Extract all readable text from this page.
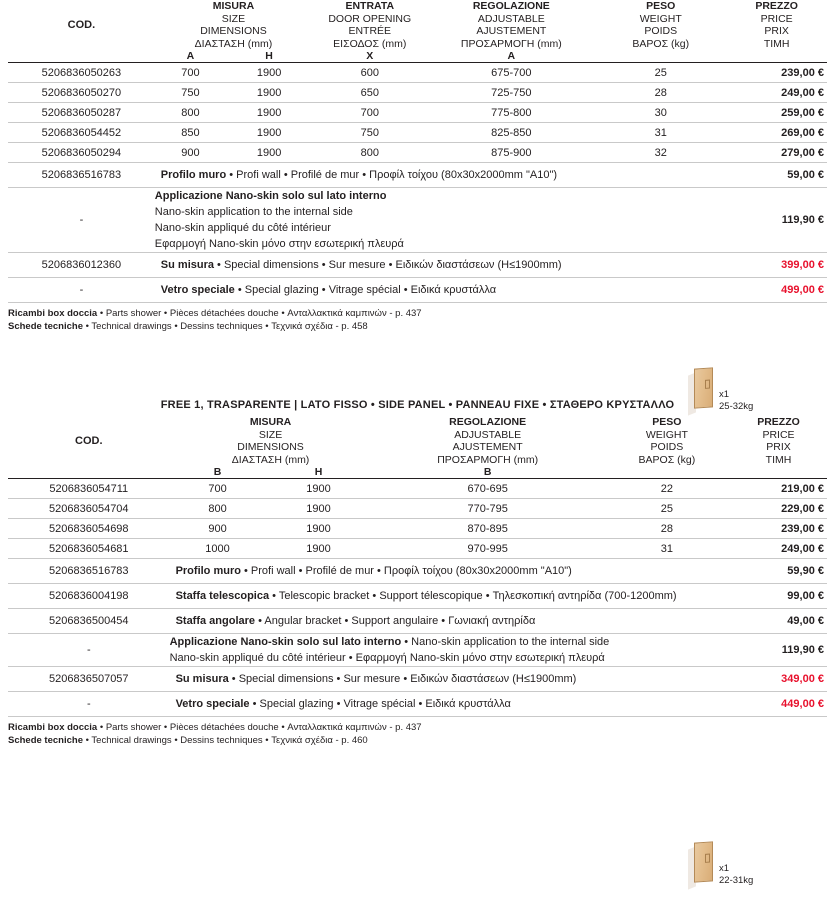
COD.	
MISURA
SIZE
DIMENSIONS
ΔΙΑΣΤΑΣΗ (mm)

ENTRATA
DOOR OPENING
ENTRÉE
ΕΙΣΟΔΟΣ (mm)

REGOLAZIONE
ADJUSTABLE
AJUSTEMENT
ΠΡΟΣΑΡΜΟΓΗ (mm)

PESO
WEIGHT
POIDS
ΒΑΡΟΣ (kg)

PREZZO
PRICE
PRIX
TIMH

	A	H	X	A		
5206836050263	700	1900	600	675-700	25	239,00 €
5206836050270	750	1900	650	725-750	28	249,00 €
5206836050287	800	1900	700	775-800	30	259,00 €
5206836054452	850	1900	750	825-850	31	269,00 €
5206836050294	900	1900	800	875-900	32	279,00 €
5206836516783	Profilo muro • Profi wall • Profilé de mur • Προφίλ τοίχου (80x30x2000mm "A10")					59,00 €
-	Applicazione Nano-skin solo sul lato interno
Nano-skin application to the internal side
Nano-skin appliqué du côté intérieur
Εφαρμογή Nano-skin μόνο στην εσωτερική πλευρά					119,90 €
5206836012360	Su misura • Special dimensions • Sur mesure • Ειδικών διαστάσεων (H≤1900mm)					399,00 €
-	Vetro speciale • Special glazing • Vitrage spécial • Ειδικά κρυστάλλα					499,00 €
Ricambi box doccia • Parts shower • Pièces détachées douche • Ανταλλακτικά καμπινών - p. 437
Schede tecniche • Technical drawings • Dessins techniques • Τεχνικά σχέδια - p. 458
x1
25-32kg
FREE 1, TRASPARENTE | LATO FISSO • SIDE PANEL • PANNEAU FIXE • ΣΤΑΘΕΡΟ ΚΡΥΣΤΑΛΛΟ
COD.	
MISURA
SIZE
DIMENSIONS
ΔΙΑΣΤΑΣΗ (mm)

REGOLAZIONE
ADJUSTABLE
AJUSTEMENT
ΠΡΟΣΑΡΜΟΓΗ (mm)

PESO
WEIGHT
POIDS
ΒΑΡΟΣ (kg)

PREZZO
PRICE
PRIX
TIMH

	B	H	B		
5206836054711	700	1900	670-695	22	219,00 €
5206836054704	800	1900	770-795	25	229,00 €
5206836054698	900	1900	870-895	28	239,00 €
5206836054681	1000	1900	970-995	31	249,00 €
5206836516783	Profilo muro • Profi wall • Profilé de mur • Προφίλ τοίχου (80x30x2000mm "A10")				59,90 €
5206836004198	Staffa telescopica • Telescopic bracket • Support télescopique • Τηλεσκοπική αντηρίδα (700-1200mm)				99,00 €
5206836500454	Staffa angolare • Angular bracket • Support angulaire • Γωνιακή αντηρίδα				49,00 €
-	Applicazione Nano-skin solo sul lato interno • Nano-skin application to the internal side
Nano-skin appliqué du côté intérieur • Εφαρμογή Nano-skin μόνο στην εσωτερική πλευρά				119,90 €
5206836507057	Su misura • Special dimensions • Sur mesure • Ειδικών διαστάσεων (H≤1900mm)				349,00 €
-	Vetro speciale • Special glazing • Vitrage spécial • Ειδικά κρυστάλλα				449,00 €
Ricambi box doccia • Parts shower • Pièces détachées douche • Ανταλλακτικά καμπινών - p. 437
Schede tecniche • Technical drawings • Dessins techniques • Τεχνικά σχέδια - p. 460
x1
22-31kg
